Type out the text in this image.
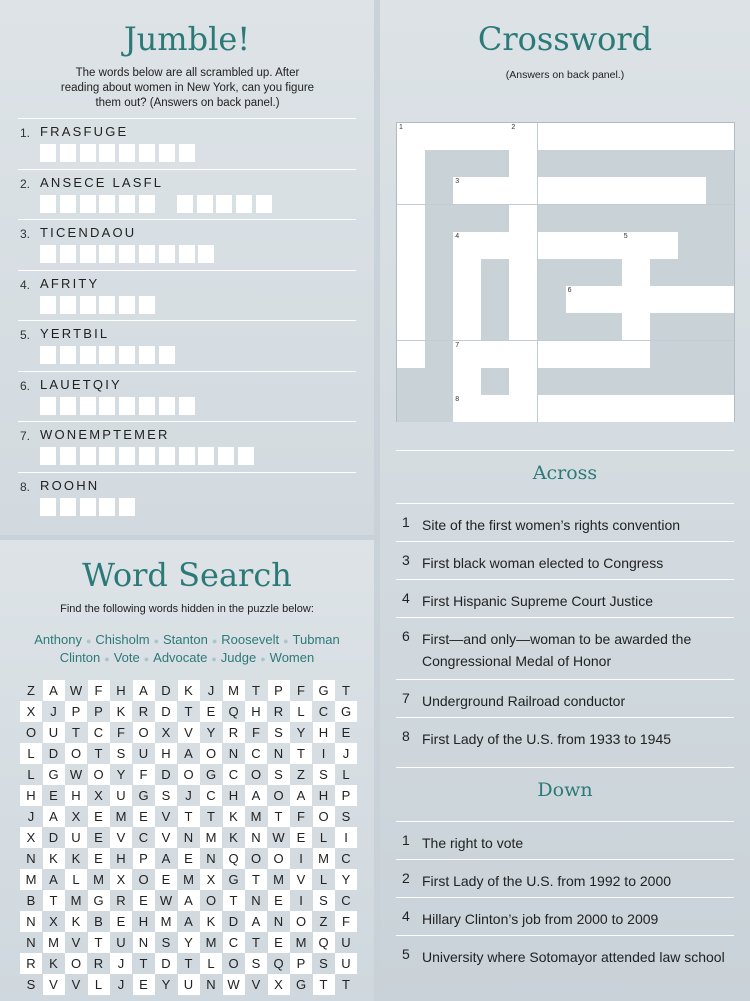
Jumble!
The words below are all scrambled up. After reading about women in New York, can you figure them out? (Answers on back panel.)
1. FRASFUGE
2. ANSECE LASFL
3. TICENDAOU
4. AFRITY
5. YERTBIL
6. LAUETQIY
7. WONEMPTEMER
8. ROOHN
Word Search
Find the following words hidden in the puzzle below:
Anthony ● Chisholm ● Stanton ● Roosevelt ● Tubman
Clinton ● Vote ● Advocate ● Judge ● Women
Z	A W F	H	A	D	K	J	M	T	P	F	G	T
X	J	P	P	K	R	D	T	E	Q H	R	L	C G
O U	T	C	F	O	X	V	Y	R	F	S	Y	H	E
L	D O	T	S	U	H	A	O N	C	N	T	I	J
L	G W O	Y	F	D O G C O	S	Z	S	L
H	E	H	X	U G	S	J	C	H	A	O	A	H	P
J	A	X	E M E	V	T	T	K M	T	F	O	S
X	D	U	E	V	C	V	N M K	N W E	L	I
N	K	K	E	H	P	A	E	N Q O O	I	M C
M A	L	M X	O	E M X	G	T	M V	L	Y
B	T	M G R	E W A	O	T	N	E	I	S	C
N	X	K	B	E	H M A	K	D	A	N O	Z	F
N M V	T	U	N	S	Y M C	T	E M Q U
R	K	O R	J	T	D	T	L	O	S	Q	P	S	U
S	V	V	L	J	E	Y	U	N W V	X	G	T	T
Crossword
(Answers on back panel.)
1	2
3
4	5
6
7
8
Across
1 Site of the first women’s rights convention
3 First black woman elected to Congress
4 First Hispanic Supreme Court Justice
6 First—and only—woman to be awarded the Congressional Medal of Honor
7 Underground Railroad conductor
8 First Lady of the U.S. from 1933 to 1945
Down
1 The right to vote
2 First Lady of the U.S. from 1992 to 2000
4 Hillary Clinton’s job from 2000 to 2009
5 University where Sotomayor attended law school
